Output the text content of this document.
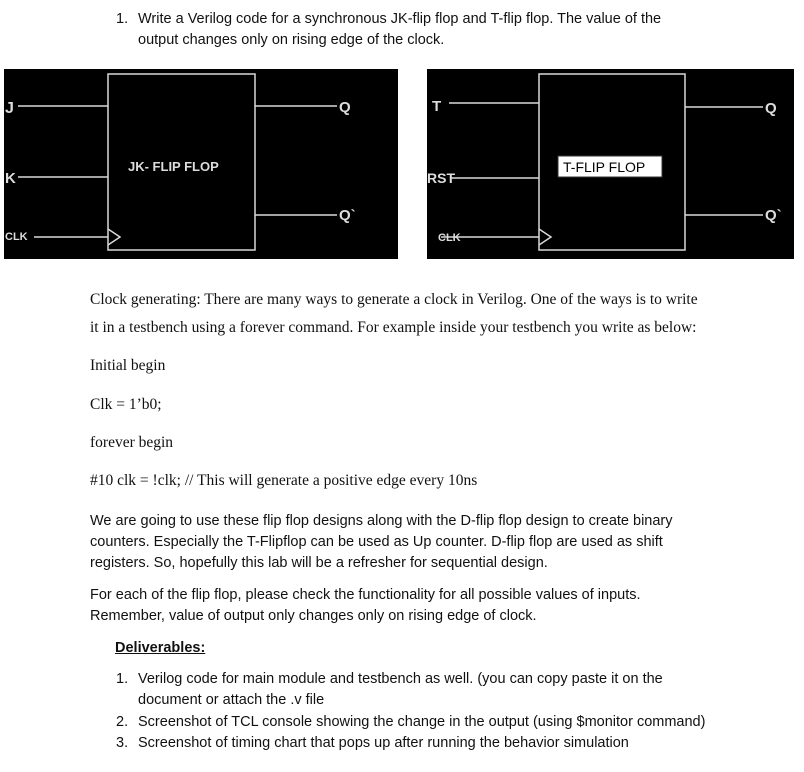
1. Write a Verilog code for a synchronous JK-flip flop and T-flip flop. The value of the
output changes only on rising edge of the clock.
J
K
CLK
JK- FLIP FLOP
Q
Q`
T-FLIP FLOP
T
RST
CLK
Q
Q`
Clock generating: There are many ways to generate a clock in Verilog. One of the ways is to write
it in a testbench using a forever command. For example inside your testbench you write as below:
Initial begin
Clk = 1’b0;
forever begin
#10 clk = !clk; // This will generate a positive edge every 10ns
We are going to use these flip flop designs along with the D-flip flop design to create binary
counters. Especially the T-Flipflop can be used as Up counter. D-flip flop are used as shift
registers. So, hopefully this lab will be a refresher for sequential design.
For each of the flip flop, please check the functionality for all possible values of inputs.
Remember, value of output only changes only on rising edge of clock.
Deliverables:
1. Verilog code for main module and testbench as well. (you can copy paste it on the
document or attach the .v file
2. Screenshot of TCL console showing the change in the output (using $monitor command)
3. Screenshot of timing chart that pops up after running the behavior simulation
